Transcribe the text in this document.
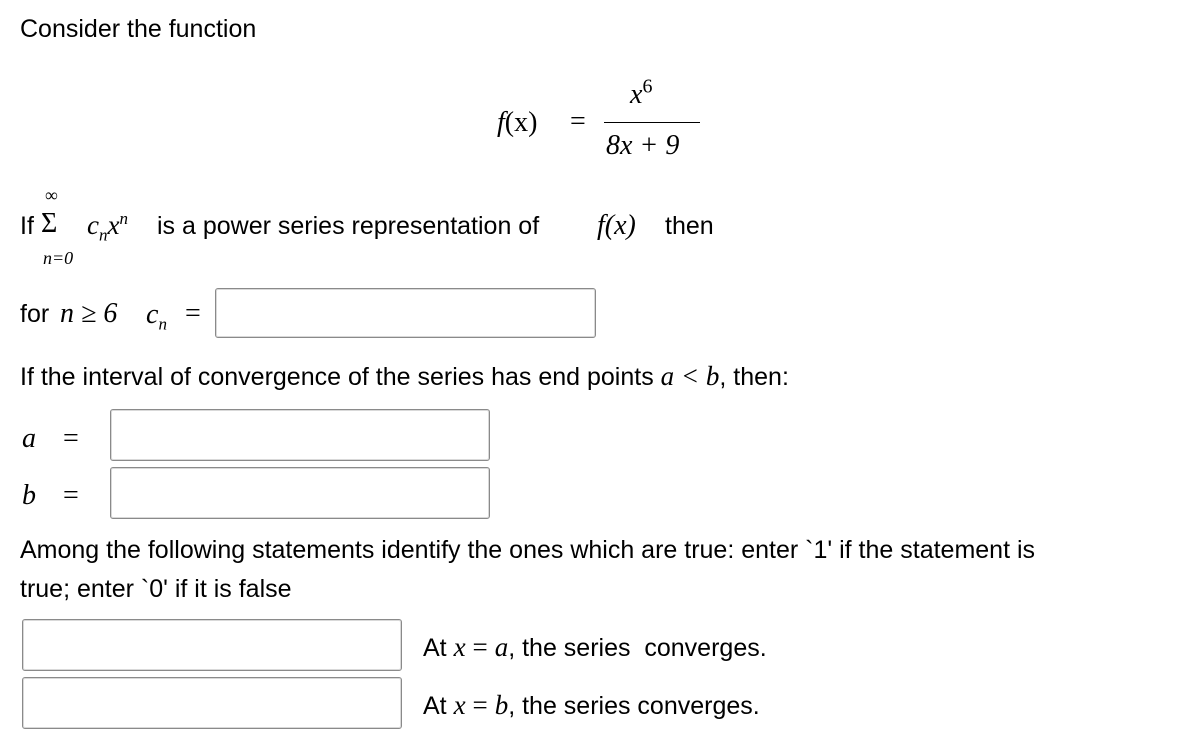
Consider the function
f(x) =
$x^6$
8x + 9
If
∞
Σ
n=0
$c_nx^n$ is a power series representation of f(x) then
for n ≥ 6 $c_n$ =
If the interval of convergence of the series has end points a < b, then:
a =
b =
Among the following statements identify the ones which are true: enter `1' if the statement is
true; enter `0' if it is false
At x = a, the series  converges.
At x = b, the series converges.
